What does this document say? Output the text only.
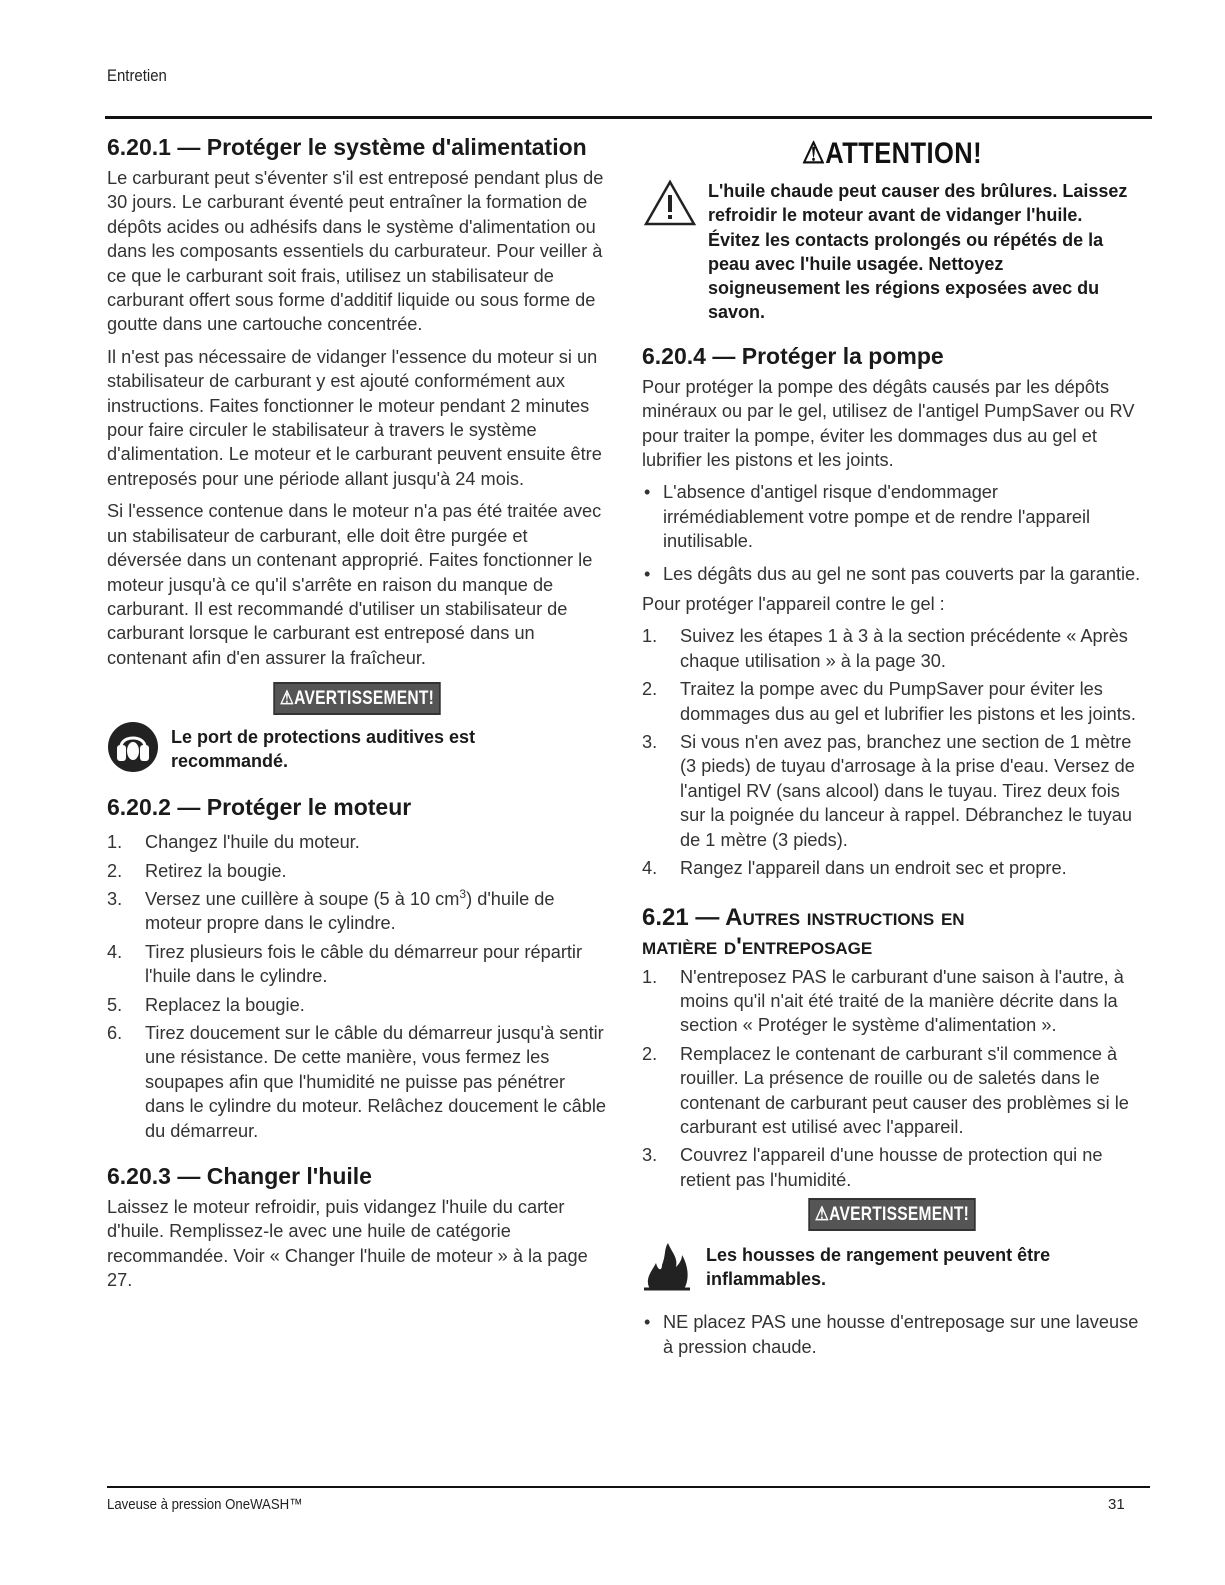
Entretien
6.20.1 — Protéger le système d'alimentation

Le carburant peut s'éventer s'il est entreposé pendant plus de 30 jours. Le carburant éventé peut entraîner la formation de dépôts acides ou adhésifs dans le système d'alimentation ou dans les composants essentiels du carburateur. Pour veiller à ce que le carburant soit frais, utilisez un stabilisateur de carburant offert sous forme d'additif liquide ou sous forme de goutte dans une cartouche concentrée.

Il n'est pas nécessaire de vidanger l'essence du moteur si un stabilisateur de carburant y est ajouté conformément aux instructions. Faites fonctionner le moteur pendant 2 minutes pour faire circuler le stabilisateur à travers le système d'alimentation. Le moteur et le carburant peuvent ensuite être entreposés pour une période allant jusqu'à 24 mois.

Si l'essence contenue dans le moteur n'a pas été traitée avec un stabilisateur de carburant, elle doit être purgée et déversée dans un contenant approprié. Faites fonctionner le moteur jusqu'à ce qu'il s'arrête en raison du manque de carburant. Il est recommandé d'utiliser un stabilisateur de carburant lorsque le carburant est entreposé dans un contenant afin d'en assurer la fraîcheur.

⚠AVERTISSEMENT!
Le port de protections auditives est recommandé.
6.20.2 — Protéger le moteur
1. Changez l'huile du moteur.
2. Retirez la bougie.
3. Versez une cuillère à soupe (5 à 10 $cm^3$) d'huile de moteur propre dans le cylindre.
4. Tirez plusieurs fois le câble du démarreur pour répartir l'huile dans le cylindre.
5. Replacez la bougie.
6. Tirez doucement sur le câble du démarreur jusqu'à sentir une résistance. De cette manière, vous fermez les soupapes afin que l'humidité ne puisse pas pénétrer dans le cylindre du moteur. Relâchez doucement le câble du démarreur.
6.20.3 — Changer l'huile

Laissez le moteur refroidir, puis vidangez l'huile du carter d'huile. Remplissez-le avec une huile de catégorie recommandée. Voir « Changer l'huile de moteur » à la page 27.

⚠ATTENTION!
L'huile chaude peut causer des brûlures. Laissez refroidir le moteur avant de vidanger l'huile. Évitez les contacts prolongés ou répétés de la peau avec l'huile usagée. Nettoyez soigneusement les régions exposées avec du savon.
6.20.4 — Protéger la pompe

Pour protéger la pompe des dégâts causés par les dépôts minéraux ou par le gel, utilisez de l'antigel PumpSaver ou RV pour traiter la pompe, éviter les dommages dus au gel et lubrifier les pistons et les joints.

• L'absence d'antigel risque d'endommager irrémédiablement votre pompe et de rendre l'appareil inutilisable.
• Les dégâts dus au gel ne sont pas couverts par la garantie.

Pour protéger l'appareil contre le gel :

1. Suivez les étapes 1 à 3 à la section précédente « Après chaque utilisation » à la page 30.
2. Traitez la pompe avec du PumpSaver pour éviter les dommages dus au gel et lubrifier les pistons et les joints.
3. Si vous n'en avez pas, branchez une section de 1 mètre (3 pieds) de tuyau d'arrosage à la prise d'eau. Versez de l'antigel RV (sans alcool) dans le tuyau. Tirez deux fois sur la poignée du lanceur à rappel. Débranchez le tuyau de 1 mètre (3 pieds).
4. Rangez l'appareil dans un endroit sec et propre.
6.21 — Autres instructions en
matière d'entreposage
1. N'entreposez PAS le carburant d'une saison à l'autre, à moins qu'il n'ait été traité de la manière décrite dans la section « Protéger le système d'alimentation ».
2. Remplacez le contenant de carburant s'il commence à rouiller. La présence de rouille ou de saletés dans le contenant de carburant peut causer des problèmes si le carburant est utilisé avec l'appareil.
3. Couvrez l'appareil d'une housse de protection qui ne retient pas l'humidité.
⚠AVERTISSEMENT!
Les housses de rangement peuvent être inflammables.
• NE placez PAS une housse d'entreposage sur une laveuse à pression chaude.
Laveuse à pression OneWASH™	31
